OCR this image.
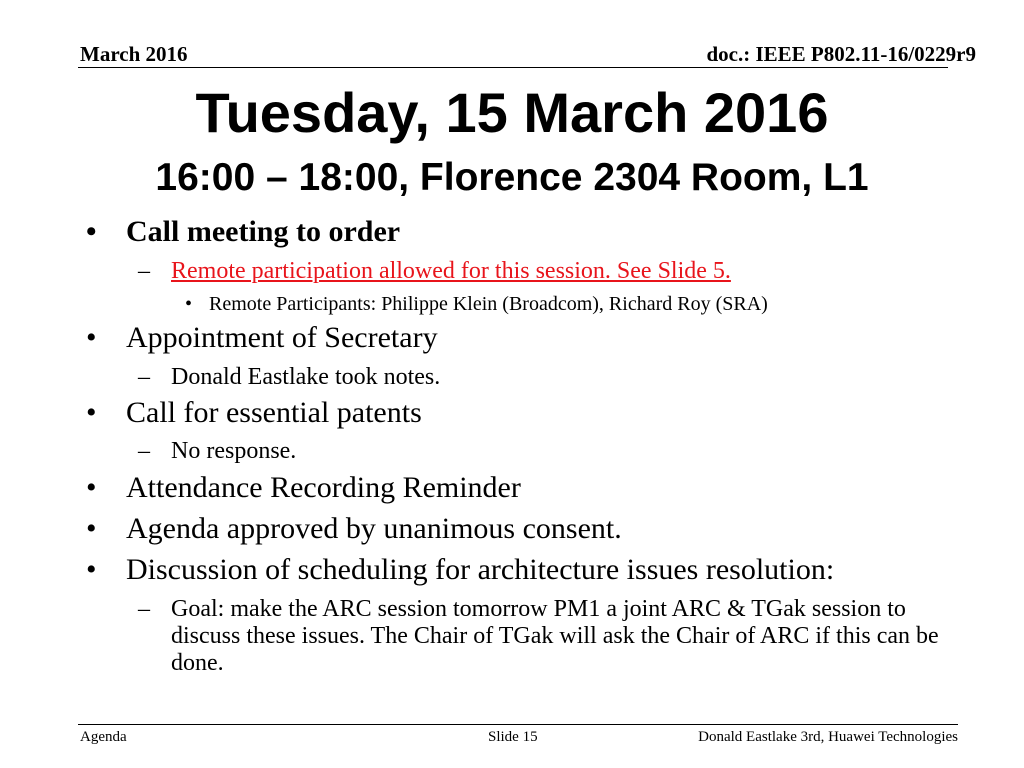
March 2016	doc.: IEEE P802.11-16/0229r9
Tuesday, 15 March 2016
16:00 – 18:00, Florence 2304 Room, L1
• Call meeting to order
– Remote participation allowed for this session. See Slide 5.
• Remote Participants: Philippe Klein (Broadcom), Richard Roy (SRA)
• Appointment of Secretary
– Donald Eastlake took notes.
• Call for essential patents
– No response.
• Attendance Recording Reminder
• Agenda approved by unanimous consent.
• Discussion of scheduling for architecture issues resolution:
– Goal: make the ARC session tomorrow PM1 a joint ARC & TGak session to discuss these issues. The Chair of TGak will ask the Chair of ARC if this can be done.
Agenda	Slide 15	Donald Eastlake 3rd, Huawei Technologies
